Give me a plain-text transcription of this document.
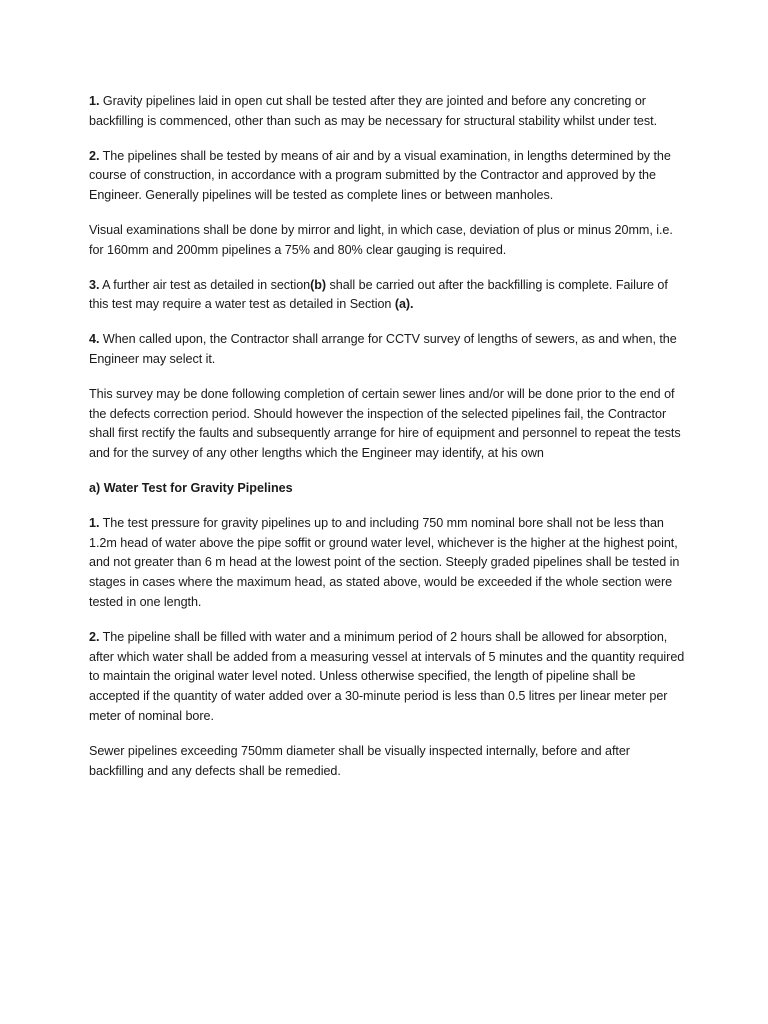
1. Gravity pipelines laid in open cut shall be tested after they are jointed and before any concreting or backfilling is commenced, other than such as may be necessary for structural stability whilst under test.

2. The pipelines shall be tested by means of air and by a visual examination, in lengths determined by the course of construction, in accordance with a program submitted by the Contractor and approved by the Engineer. Generally pipelines will be tested as complete lines or between manholes.

Visual examinations shall be done by mirror and light, in which case, deviation of plus or minus 20mm, i.e. for 160mm and 200mm pipelines a 75% and 80% clear gauging is required.

3. A further air test as detailed in section(b) shall be carried out after the backfilling is complete. Failure of this test may require a water test as detailed in Section (a).

4. When called upon, the Contractor shall arrange for CCTV survey of lengths of sewers, as and when, the Engineer may select it.

This survey may be done following completion of certain sewer lines and/or will be done prior to the end of the defects correction period. Should however the inspection of the selected pipelines fail, the Contractor shall first rectify the faults and subsequently arrange for hire of equipment and personnel to repeat the tests and for the survey of any other lengths which the Engineer may identify, at his own

a) Water Test for Gravity Pipelines

1. The test pressure for gravity pipelines up to and including 750 mm nominal bore shall not be less than 1.2m head of water above the pipe soffit or ground water level, whichever is the higher at the highest point, and not greater than 6 m head at the lowest point of the section. Steeply graded pipelines shall be tested in stages in cases where the maximum head, as stated above, would be exceeded if the whole section were tested in one length.

2. The pipeline shall be filled with water and a minimum period of 2 hours shall be allowed for absorption, after which water shall be added from a measuring vessel at intervals of 5 minutes and the quantity required to maintain the original water level noted. Unless otherwise specified, the length of pipeline shall be accepted if the quantity of water added over a 30-minute period is less than 0.5 litres per linear meter per meter of nominal bore.

Sewer pipelines exceeding 750mm diameter shall be visually inspected internally, before and after backfilling and any defects shall be remedied.
